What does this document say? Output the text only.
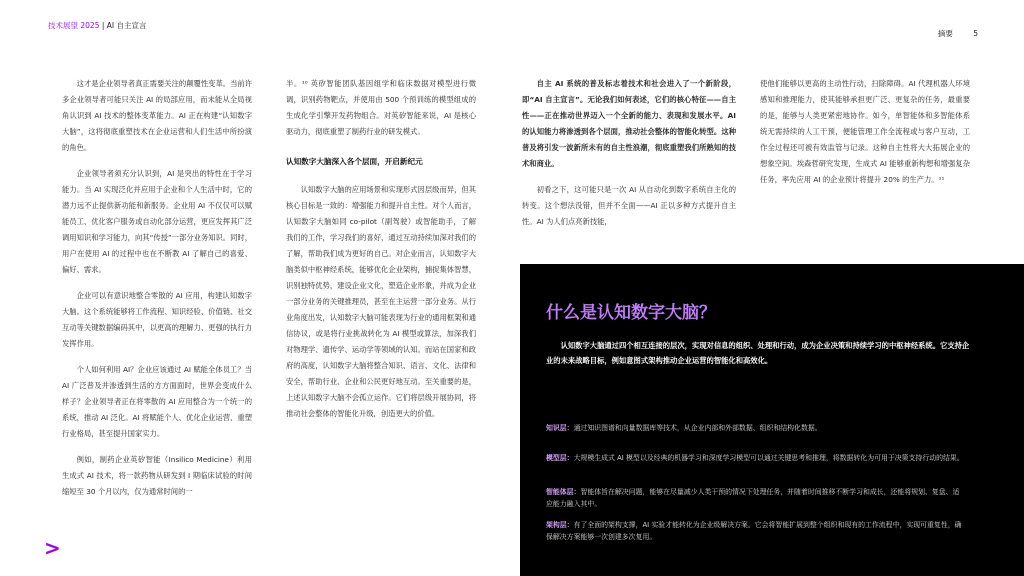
技术展望 2025 | AI 自主宣言
摘要	5

这才是企业领导者真正需要关注的颠覆性变革。当前许多企业领导者可能只关注 AI 的局部应用，而未能从全局视角认识到 AI 技术的整体变革能力。AI 正在构建“认知数字大脑”，这将彻底重塑技术在企业运营和人们生活中所扮演的角色。

企业领导者须充分认识到，AI 是突出的特性在于学习能力。当 AI 实现泛化并应用于企业和个人生活中时，它的潜力远不止提供新功能和新服务。企业用 AI 不仅仅可以赋能员工、优化客户服务或自动化部分运营，更应发挥其广泛调用知识和学习能力，向其“传授”一部分业务知识。同时，用户在使用 AI 的过程中也在不断教 AI 了解自己的喜爱、偏好、需求。

企业可以有意识地整合零散的 AI 应用，构建认知数字大脑。这个系统能够将工作流程、知识经验、价值链、社交互动等关键数据编码其中，以更高的理解力、更强的执行力发挥作用。

个人如何利用 AI？企业应该通过 AI 赋能全体员工？当 AI 广泛普及并渗透到生活的方方面面时，世界会变成什么样子？企业领导者正在将零散的 AI 应用整合为一个统一的系统，推动 AI 泛化。AI 将赋能个人、优化企业运营、重塑行业格局，甚至提升国家实力。

例如，制药企业英矽智能（Insilico Medicine）利用生成式 AI 技术，将一款药物从研发到 I 期临床试验的时间缩短至 30 个月以内，仅为通常时间的一

半。¹⁰ 英矽智能团队基因组学和临床数据对模型进行微调，识别药物靶点，并使用由 500 个预训练的模型组成的生成化学引擎开发药物组合。对英矽智能来说，AI 是核心驱动力，彻底重塑了制药行业的研发模式。

认知数字大脑深入各个层面，开启新纪元

认知数字大脑的应用场景和实现形式因层级而异，但其核心目标是一致的：增强能力和提升自主性。对个人而言，认知数字大脑如同 co-pilot（副驾驶）或智能助手，了解我们的工作，学习我们的喜好，通过互动持续加深对我们的了解，帮助我们成为更好的自己。对企业而言，认知数字大脑类似中枢神经系统，能够优化企业架构，捕捉集体智慧，识别独特优势，建设企业文化，塑造企业形象，并成为企业一部分业务的关键推理员，甚至在主运营一部分业务。从行业角度出发，认知数字大脑可能表现为行业的通用框架和通信协议，或是将行业挑战转化为 AI 模型或算法，加深我们对物理学、遗传学、运动学等领域的认知。而站在国家和政府的高度，认知数字大脑将整合知识、语言、文化、法律和安全，帮助行业、企业和公民更好地互动。至关重要的是，上述认知数字大脑不会孤立运作。它们将层级开展协同，将推动社会整体的智能化升级，创造更大的价值。

自主 AI 系统的普及标志着技术和社会进入了一个新阶段，即“AI 自主宣言”。无论我们如何表述，它们的核心特征——自主性——正在推动世界迈入一个全新的能力、表现和发展水平。AI 的认知能力将渗透到各个层面，推动社会整体的智能化转型。这种普及将引发一波新所未有的自主性浪潮，彻底重塑我们所熟知的技术和商业。

初看之下，这可能只是一次 AI 从自动化到数字系统自主化的转变。这个想法没错，但并不全面——AI 正以多种方式提升自主性。AI 为人们点亮新技能，

使他们能够以更高的主动性行动，扫除障碍。AI 代理机器人环境感知和推理能力，使其能够承担更广泛、更复杂的任务，最重要的是，能够与人类更紧密地协作。如今，单智能体和多智能体系统无需持续的人工干预，便能管理工作全流程或与客户互动，工作全过程还可被有效监管与记录。这种自主性将大大拓展企业的想象空间。埃森哲研究发现，生成式 AI 能够重新构想和增强复杂任务，率先应用 AI 的企业预计将提升 20% 的生产力。¹¹

什么是认知数字大脑？
认知数字大脑通过四个相互连接的层次，实现对信息的组织、处理和行动，成为企业决策和持续学习的中枢神经系统。它支持企业的未来战略目标，例如意图式架构推动企业运营的智能化和高效化。
知识层：通过知识图谱和向量数据库等技术，从企业内部和外部数据、组织和结构化数据。
模型层：大规模生成式 AI 模型以及经典的机器学习和深度学习模型可以通过关键思考和推理，将数据转化为可用于决策支持行动的结果。
智能体层：智能体旨在解决问题，能够在尽量减少人类干预的情况下处理任务，并随着时间推移不断学习和成长，还能将规划、复盘、适应能力融入其中。
架构层：有了全面的架构支撑，AI 实验才能转化为企业级解决方案。它会将智能扩展到整个组织和现有的工作流程中，实现可重复性，确保解决方案能够一次创建多次复用。
>
